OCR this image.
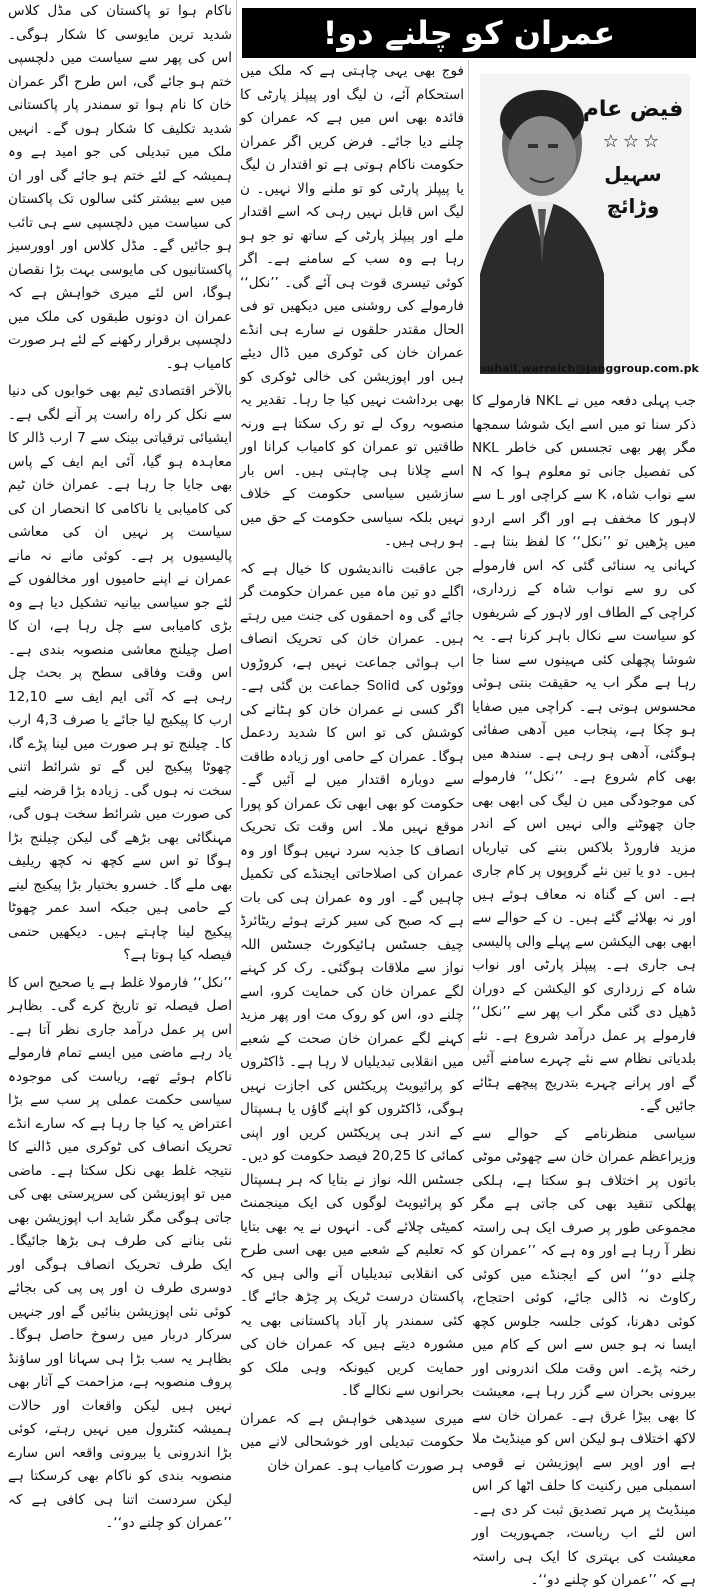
عمران کو چلنے دو!
فیض عام
☆☆☆
سہیل وڑائچ
suhail.warraich@janggroup.com.pk

جب پہلی دفعہ میں نے NKL فارمولے کا ذکر سنا تو میں اسے ایک شوشا سمجھا مگر پھر بھی تجسس کی خاطر NKL کی تفصیل جانی تو معلوم ہوا کہ N سے نواب شاہ، K سے کراچی اور L سے لاہور کا مخفف ہے اور اگر اسے اردو میں پڑھیں تو ’’نکل‘‘ کا لفظ بنتا ہے۔ کہانی یہ سنائی گئی کہ اس فارمولے کی رو سے نواب شاہ کے زرداری، کراچی کے الطاف اور لاہور کے شریفوں کو سیاست سے نکال باہر کرنا ہے۔ یہ شوشا پچھلی کئی مہینوں سے سنا جا رہا ہے مگر اب یہ حقیقت بنتی ہوئی محسوس ہوتی ہے۔ کراچی میں صفایا ہو چکا ہے، پنجاب میں آدھی صفائی ہوگئی، آدھی ہو رہی ہے۔ سندھ میں بھی کام شروع ہے۔ ’’نکل‘‘ فارمولے کی موجودگی میں ن لیگ کی ابھی بھی جان چھوٹنے والی نہیں اس کے اندر مزید فارورڈ بلاکس بننے کی تیاریاں ہیں۔ دو یا تین نئے گروپوں پر کام جاری ہے۔ اس کے گناہ نہ معاف ہوئے ہیں اور نہ بھلائے گئے ہیں۔ ن کے حوالے سے ابھی بھی الیکشن سے پہلے والی پالیسی ہی جاری ہے۔ پیپلز پارٹی اور نواب شاہ کے زرداری کو الیکشن کے دوران ڈھیل دی گئی مگر اب پھر سے ’’نکل‘‘ فارمولے پر عمل درآمد شروع ہے۔ نئے بلدیاتی نظام سے نئے چہرے سامنے آئیں گے اور پرانے چہرے بتدریج پیچھے ہٹائے جائیں گے۔

سیاسی منظرنامے کے حوالے سے وزیراعظم عمران خان سے چھوٹی موٹی باتوں پر اختلاف ہو سکتا ہے، ہلکی پھلکی تنقید بھی کی جاتی ہے مگر مجموعی طور پر صرف ایک ہی راستہ نظر آ رہا ہے اور وہ ہے کہ ’’عمران کو چلنے دو‘‘ اس کے ایجنڈے میں کوئی رکاوٹ نہ ڈالی جائے، کوئی احتجاج، کوئی دھرنا، کوئی جلسہ جلوس کچھ ایسا نہ ہو جس سے اس کے کام میں رخنہ پڑے۔ اس وقت ملک اندرونی اور بیرونی بحران سے گزر رہا ہے، معیشت کا بھی بیڑا غرق ہے۔ عمران خان سے لاکھ اختلاف ہو لیکن اس کو مینڈیٹ ملا ہے اور اوپر سے اپوزیشن نے قومی اسمبلی میں رکنیت کا حلف اٹھا کر اس مینڈیٹ پر مہر تصدیق ثبت کر دی ہے۔ اس لئے اب ریاست، جمہوریت اور معیشت کی بہتری کا ایک ہی راستہ ہے کہ ’’عمران کو چلنے دو‘‘۔

فوج بھی یہی چاہتی ہے کہ ملک میں استحکام آئے، ن لیگ اور پیپلز پارٹی کا فائدہ بھی اس میں ہے کہ عمران کو چلنے دیا جائے۔ فرض کریں اگر عمران حکومت ناکام ہوتی ہے تو اقتدار ن لیگ یا پیپلز پارٹی کو تو ملنے والا نہیں۔ ن لیگ اس قابل نہیں رہی کہ اسے اقتدار ملے اور پیپلز پارٹی کے ساتھ تو جو ہو رہا ہے وہ سب کے سامنے ہے۔ اگر کوئی تیسری قوت ہی آئے گی۔ ’’نکل‘‘ فارمولے کی روشنی میں دیکھیں تو فی الحال مقتدر حلقوں نے سارے ہی انڈے عمران خان کی ٹوکری میں ڈال دیئے ہیں اور اپوزیشن کی خالی ٹوکری کو بھی برداشت نہیں کیا جا رہا۔ تقدیر یہ منصوبہ روک لے تو رک سکتا ہے ورنہ طاقتیں تو عمران کو کامیاب کرانا اور اسے چلانا ہی چاہتی ہیں۔ اس بار سازشیں سیاسی حکومت کے خلاف نہیں بلکہ سیاسی حکومت کے حق میں ہو رہی ہیں۔

جن عاقبت نااندیشوں کا خیال ہے کہ اگلے دو تین ماہ میں عمران حکومت گر جائے گی وہ احمقوں کی جنت میں رہتے ہیں۔ عمران خان کی تحریک انصاف اب ہوائی جماعت نہیں ہے، کروڑوں ووٹوں کی Solid جماعت بن گئی ہے۔ اگر کسی نے عمران خان کو ہٹانے کی کوشش کی تو اس کا شدید ردعمل ہوگا۔ عمران کے حامی اور زیادہ طاقت سے دوبارہ اقتدار میں لے آئیں گے۔ حکومت کو بھی ابھی تک عمران کو پورا موقع نہیں ملا۔ اس وقت تک تحریک انصاف کا جذبہ سرد نہیں ہوگا اور وہ عمران کی اصلاحاتی ایجنڈے کی تکمیل چاہیں گے۔ اور وہ عمران ہی کی بات ہے کہ صبح کی سیر کرتے ہوئے ریٹائرڈ چیف جسٹس ہائیکورٹ جسٹس اللہ نواز سے ملاقات ہوگئی۔ رک کر کہنے لگے عمران خان کی حمایت کرو، اسے چلنے دو، اس کو روک مت اور پھر مزید کہنے لگے عمران خان صحت کے شعبے میں انقلابی تبدیلیاں لا رہا ہے۔ ڈاکٹروں کو پرائیویٹ پریکٹس کی اجازت نہیں ہوگی، ڈاکٹروں کو اپنے گاؤں یا ہسپتال کے اندر ہی پریکٹس کریں اور اپنی کمائی کا 20,25 فیصد حکومت کو دیں۔ جسٹس اللہ نواز نے بتایا کہ ہر ہسپتال کو پرائیویٹ لوگوں کی ایک مینجمنٹ کمیٹی چلائے گی۔ انہوں نے یہ بھی بتایا کہ تعلیم کے شعبے میں بھی اسی طرح کی انقلابی تبدیلیاں آنے والی ہیں کہ پاکستان درست ٹریک پر چڑھ جائے گا۔ کئی سمندر پار آباد پاکستانی بھی یہ مشورہ دیتے ہیں کہ عمران خان کی حمایت کریں کیونکہ وہی ملک کو بحرانوں سے نکالے گا۔

میری سیدھی خواہش ہے کہ عمران حکومت تبدیلی اور خوشحالی لانے میں ہر صورت کامیاب ہو۔ عمران خان

ناکام ہوا تو پاکستان کی مڈل کلاس شدید ترین مایوسی کا شکار ہوگی۔ اس کی پھر سے سیاست میں دلچسپی ختم ہو جائے گی، اس طرح اگر عمران خان کا نام ہوا تو سمندر پار پاکستانی شدید تکلیف کا شکار ہوں گے۔ انہیں ملک میں تبدیلی کی جو امید ہے وہ ہمیشہ کے لئے ختم ہو جائے گی اور ان میں سے بیشتر کئی سالوں تک پاکستان کی سیاست میں دلچسپی سے ہی تائب ہو جائیں گے۔ مڈل کلاس اور اوورسیز پاکستانیوں کی مایوسی بہت بڑا نقصان ہوگا، اس لئے میری خواہش ہے کہ عمران ان دونوں طبقوں کی ملک میں دلچسپی برقرار رکھنے کے لئے ہر صورت کامیاب ہو۔

بالآخر اقتصادی ٹیم بھی خوابوں کی دنیا سے نکل کر راہ راست پر آنے لگی ہے۔ ایشیائی ترقیاتی بینک سے 7 ارب ڈالر کا معاہدہ ہو گیا، آئی ایم ایف کے پاس بھی جایا جا رہا ہے۔ عمران خان ٹیم کی کامیابی یا ناکامی کا انحصار ان کی سیاست پر نہیں ان کی معاشی پالیسیوں پر ہے۔ کوئی مانے نہ مانے عمران نے اپنے حامیوں اور مخالفوں کے لئے جو سیاسی بیانیہ تشکیل دیا ہے وہ بڑی کامیابی سے چل رہا ہے، ان کا اصل چیلنج معاشی منصوبہ بندی ہے۔ اس وقت وفاقی سطح پر بحث چل رہی ہے کہ آئی ایم ایف سے 12,10 ارب کا پیکیج لیا جائے یا صرف 4,3 ارب کا۔ چیلنج تو ہر صورت میں لینا پڑے گا، چھوٹا پیکیج لیں گے تو شرائط اتنی سخت نہ ہوں گی۔ زیادہ بڑا قرضہ لینے کی صورت میں شرائط سخت ہوں گی، مہنگائی بھی بڑھے گی لیکن چیلنج بڑا ہوگا تو اس سے کچھ نہ کچھ ریلیف بھی ملے گا۔ خسرو بختیار بڑا پیکیج لینے کے حامی ہیں جبکہ اسد عمر چھوٹا پیکیج لینا چاہتے ہیں۔ دیکھیں حتمی فیصلہ کیا ہوتا ہے؟

’’نکل‘‘ فارمولا غلط ہے یا صحیح اس کا اصل فیصلہ تو تاریخ کرے گی۔ بظاہر اس پر عمل درآمد جاری نظر آتا ہے۔ یاد رہے ماضی میں ایسے تمام فارمولے ناکام ہوئے تھے، ریاست کی موجودہ سیاسی حکمت عملی پر سب سے بڑا اعتراض یہ کیا جا رہا ہے کہ سارے انڈے تحریک انصاف کی ٹوکری میں ڈالنے کا نتیجہ غلط بھی نکل سکتا ہے۔ ماضی میں تو اپوزیشن کی سرپرستی بھی کی جاتی ہوگی مگر شاید اب اپوزیشن بھی نئی بنانے کی طرف ہی بڑھا جائیگا۔ ایک طرف تحریک انصاف ہوگی اور دوسری طرف ن اور پی پی کی بجائے کوئی نئی اپوزیشن بنائیں گے اور جنہیں سرکار دربار میں رسوخ حاصل ہوگا۔ بظاہر یہ سب بڑا ہی سہانا اور ساؤنڈ پروف منصوبہ ہے، مزاحمت کے آثار بھی نہیں ہیں لیکن واقعات اور حالات ہمیشہ کنٹرول میں نہیں رہتے، کوئی بڑا اندرونی یا بیرونی واقعہ اس سارے منصوبہ بندی کو ناکام بھی کرسکتا ہے لیکن سردست اتنا ہی کافی ہے کہ ’’عمران کو چلنے دو‘‘۔
